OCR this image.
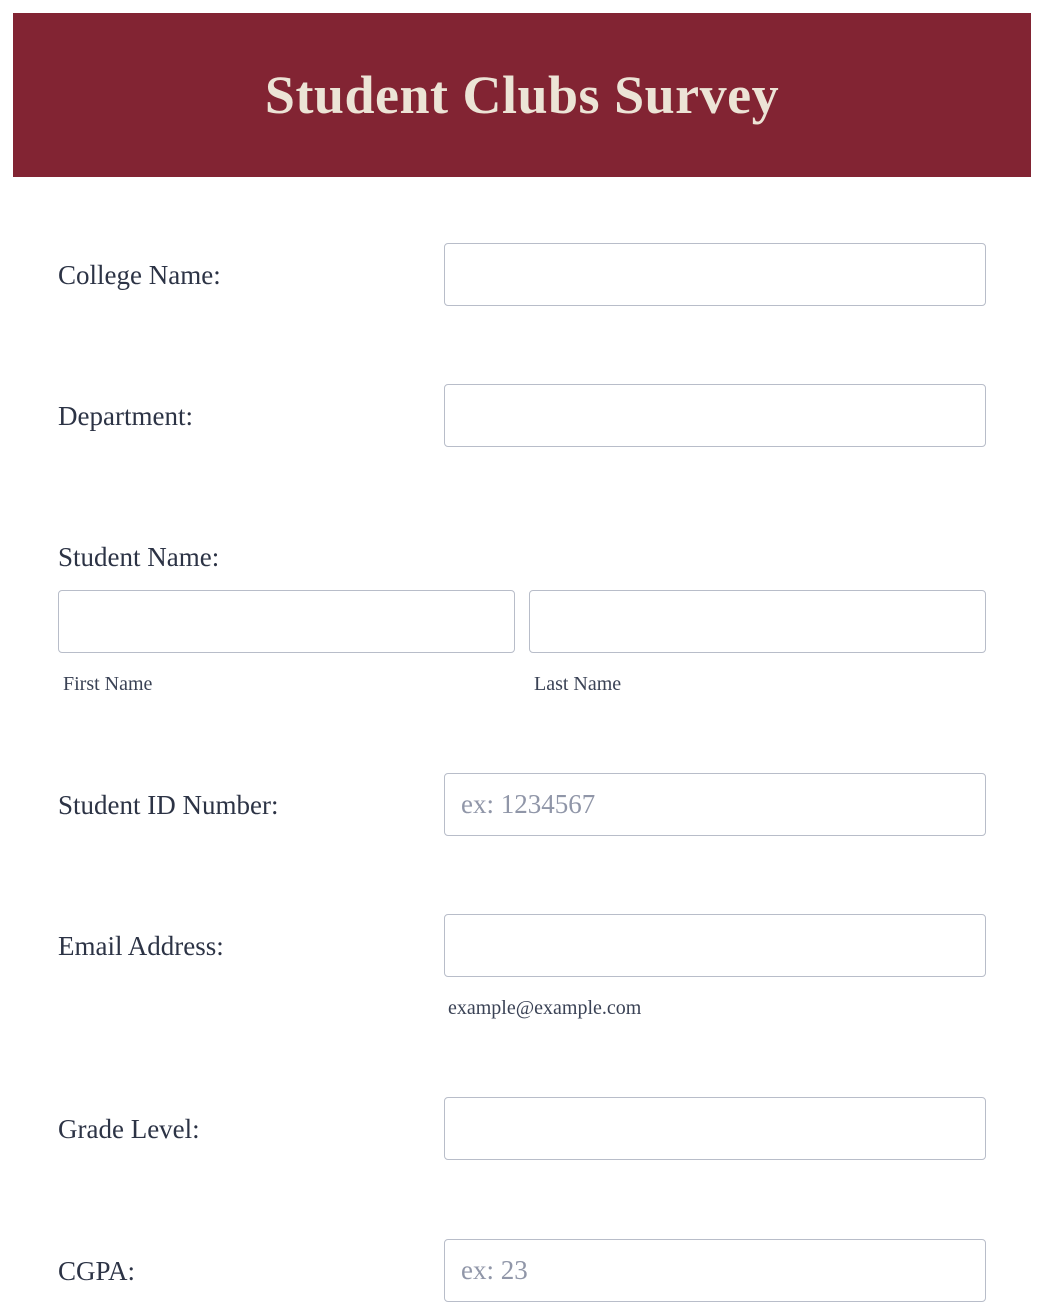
Student Clubs Survey
College Name:
Department:
Student Name:
First Name	Last Name
Student ID Number:
ex: 1234567
Email Address:
example@example.com
Grade Level:
CGPA:
ex: 23
